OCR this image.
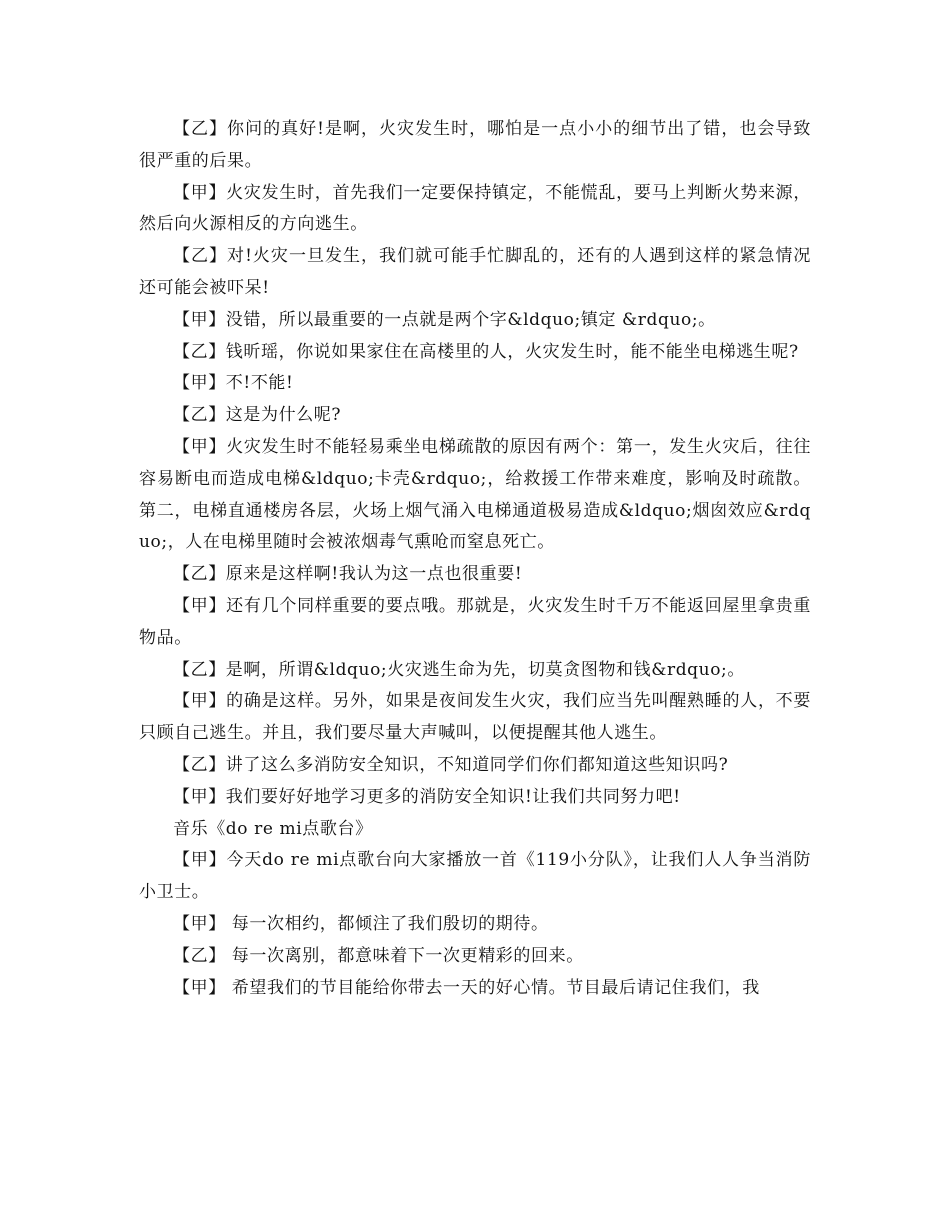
【乙】你问的真好!是啊，火灾发生时，哪怕是一点小小的细节出了错，也会导致很严重的后果。

【甲】火灾发生时，首先我们一定要保持镇定，不能慌乱，要马上判断火势来源，然后向火源相反的方向逃生。

【乙】对!火灾一旦发生，我们就可能手忙脚乱的，还有的人遇到这样的紧急情况还可能会被吓呆!

【甲】没错，所以最重要的一点就是两个字&ldquo;镇定 &rdquo;。

【乙】钱昕瑶，你说如果家住在高楼里的人，火灾发生时，能不能坐电梯逃生呢?

【甲】不!不能!

【乙】这是为什么呢?

【甲】火灾发生时不能轻易乘坐电梯疏散的原因有两个：第一，发生火灾后，往往容易断电而造成电梯&ldquo;卡壳&rdquo;，给救援工作带来难度，影响及时疏散。第二，电梯直通楼房各层，火场上烟气涌入电梯通道极易造成&ldquo;烟囱效应&rdquo;，人在电梯里随时会被浓烟毒气熏呛而窒息死亡。

【乙】原来是这样啊!我认为这一点也很重要!

【甲】还有几个同样重要的要点哦。那就是，火灾发生时千万不能返回屋里拿贵重物品。

【乙】是啊，所谓&ldquo;火灾逃生命为先，切莫贪图物和钱&rdquo;。

【甲】的确是这样。另外，如果是夜间发生火灾，我们应当先叫醒熟睡的人，不要只顾自己逃生。并且，我们要尽量大声喊叫，以便提醒其他人逃生。

【乙】讲了这么多消防安全知识，不知道同学们你们都知道这些知识吗?

【甲】我们要好好地学习更多的消防安全知识!让我们共同努力吧!

音乐《do re mi点歌台》

【甲】今天do re mi点歌台向大家播放一首《119小分队》，让我们人人争当消防小卫士。

【甲】 每一次相约，都倾注了我们殷切的期待。

【乙】 每一次离别，都意味着下一次更精彩的回来。

【甲】 希望我们的节目能给你带去一天的好心情。节目最后请记住我们，我
